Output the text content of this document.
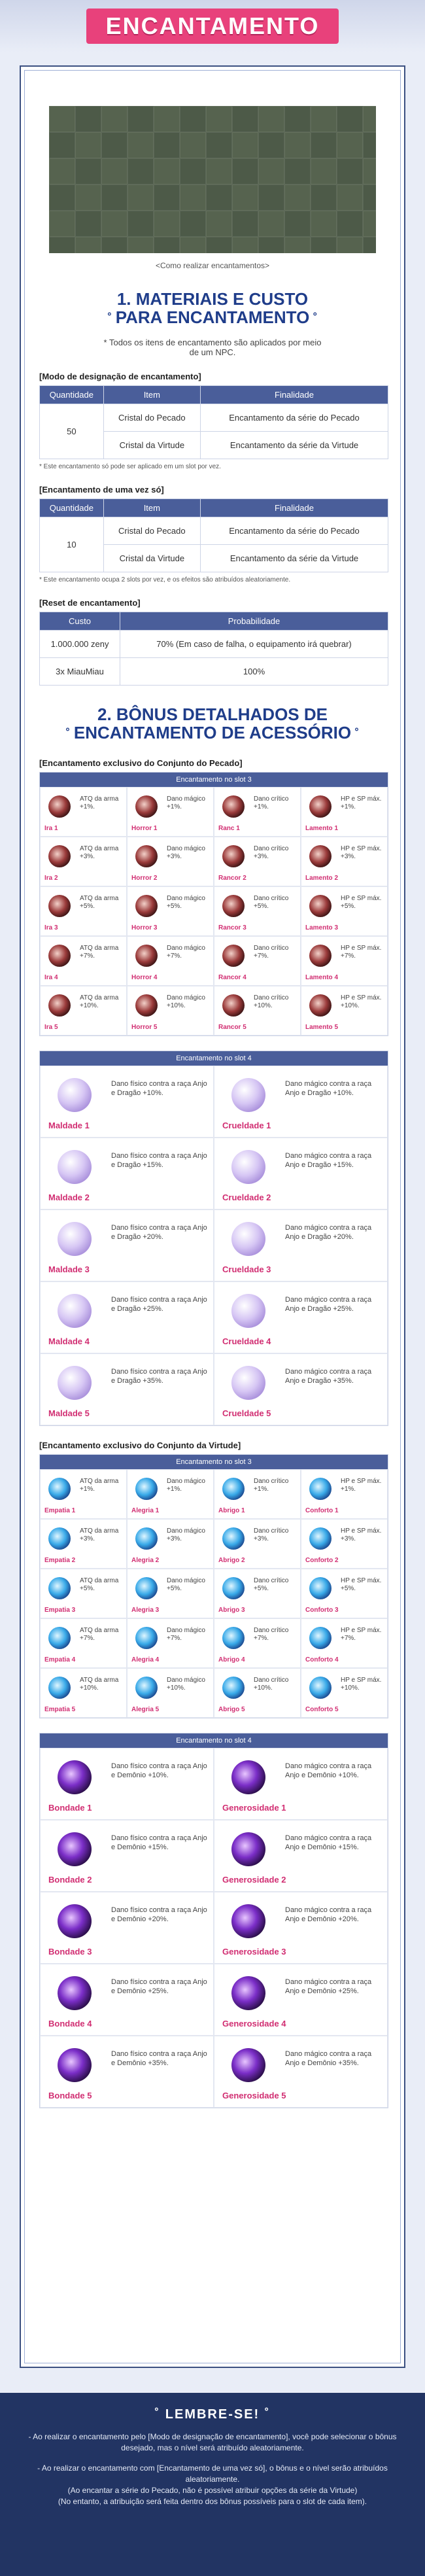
ENCANTAMENTO
<Como realizar encantamentos>
1. MATERIAIS E CUSTO
˚ PARA ENCANTAMENTO ˚
* Todos os itens de encantamento são aplicados por meio de um NPC.
[Modo de designação de encantamento]
Quantidade	Item	Finalidade
50	Cristal do Pecado	Encantamento da série do Pecado
	Cristal da Virtude	Encantamento da série da Virtude
* Este encantamento só pode ser aplicado em um slot por vez.
[Encantamento de uma vez só]
Quantidade	Item	Finalidade
10	Cristal do Pecado	Encantamento da série do Pecado
	Cristal da Virtude	Encantamento da série da Virtude
* Este encantamento ocupa 2 slots por vez, e os efeitos são atribuídos aleatoriamente.
[Reset de encantamento]
Custo	Probabilidade
1.000.000 zeny	70% (Em caso de falha, o equipamento irá quebrar)
3x MiauMiau	100%
2. BÔNUS DETALHADOS DE
˚ ENCANTAMENTO DE ACESSÓRIO ˚
[Encantamento exclusivo do Conjunto do Pecado]
Encantamento no slot 3
Ira 1
ATQ da arma +1%.
Horror 1
Dano mágico +1%.
Ranc 1
Dano crítico +1%.
Lamento 1
HP e SP máx. +1%.
Ira 2
ATQ da arma +3%.
Horror 2
Dano mágico +3%.
Rancor 2
Dano crítico +3%.
Lamento 2
HP e SP máx. +3%.
Ira 3
ATQ da arma +5%.
Horror 3
Dano mágico +5%.
Rancor 3
Dano crítico +5%.
Lamento 3
HP e SP máx. +5%.
Ira 4
ATQ da arma +7%.
Horror 4
Dano mágico +7%.
Rancor 4
Dano crítico +7%.
Lamento 4
HP e SP máx. +7%.
Ira 5
ATQ da arma +10%.
Horror 5
Dano mágico +10%.
Rancor 5
Dano crítico +10%.
Lamento 5
HP e SP máx. +10%.
Encantamento no slot 4
Maldade 1
Dano físico contra a raça Anjo e Dragão +10%.
Crueldade 1
Dano mágico contra a raça Anjo e Dragão +10%.
Maldade 2
Dano físico contra a raça Anjo e Dragão +15%.
Crueldade 2
Dano mágico contra a raça Anjo e Dragão +15%.
Maldade 3
Dano físico contra a raça Anjo e Dragão +20%.
Crueldade 3
Dano mágico contra a raça Anjo e Dragão +20%.
Maldade 4
Dano físico contra a raça Anjo e Dragão +25%.
Crueldade 4
Dano mágico contra a raça Anjo e Dragão +25%.
Maldade 5
Dano físico contra a raça Anjo e Dragão +35%.
Crueldade 5
Dano mágico contra a raça Anjo e Dragão +35%.
[Encantamento exclusivo do Conjunto da Virtude]
Encantamento no slot 3
Empatia 1
ATQ da arma +1%.
Alegria 1
Dano mágico +1%.
Abrigo 1
Dano crítico +1%.
Conforto 1
HP e SP máx. +1%.
Empatia 2
ATQ da arma +3%.
Alegria 2
Dano mágico +3%.
Abrigo 2
Dano crítico +3%.
Conforto 2
HP e SP máx. +3%.
Empatia 3
ATQ da arma +5%.
Alegria 3
Dano mágico +5%.
Abrigo 3
Dano crítico +5%.
Conforto 3
HP e SP máx. +5%.
Empatia 4
ATQ da arma +7%.
Alegria 4
Dano mágico +7%.
Abrigo 4
Dano crítico +7%.
Conforto 4
HP e SP máx. +7%.
Empatia 5
ATQ da arma +10%.
Alegria 5
Dano mágico +10%.
Abrigo 5
Dano crítico +10%.
Conforto 5
HP e SP máx. +10%.
Encantamento no slot 4
Bondade 1
Dano físico contra a raça Anjo e Demônio +10%.
Generosidade 1
Dano mágico contra a raça Anjo e Demônio +10%.
Bondade 2
Dano físico contra a raça Anjo e Demônio +15%.
Generosidade 2
Dano mágico contra a raça Anjo e Demônio +15%.
Bondade 3
Dano físico contra a raça Anjo e Demônio +20%.
Generosidade 3
Dano mágico contra a raça Anjo e Demônio +20%.
Bondade 4
Dano físico contra a raça Anjo e Demônio +25%.
Generosidade 4
Dano mágico contra a raça Anjo e Demônio +25%.
Bondade 5
Dano físico contra a raça Anjo e Demônio +35%.
Generosidade 5
Dano mágico contra a raça Anjo e Demônio +35%.
˚ LEMBRE-SE! ˚

- Ao realizar o encantamento pelo [Modo de designação de encantamento], você pode selecionar o bônus desejado, mas o nível será atribuído aleatoriamente.

- Ao realizar o encantamento com [Encantamento de uma vez só], o bônus e o nível serão atribuídos aleatoriamente.

(Ao encantar a série do Pecado, não é possível atribuir opções da série da Virtude)

(No entanto, a atribuição será feita dentro dos bônus possíveis para o slot de cada item).
